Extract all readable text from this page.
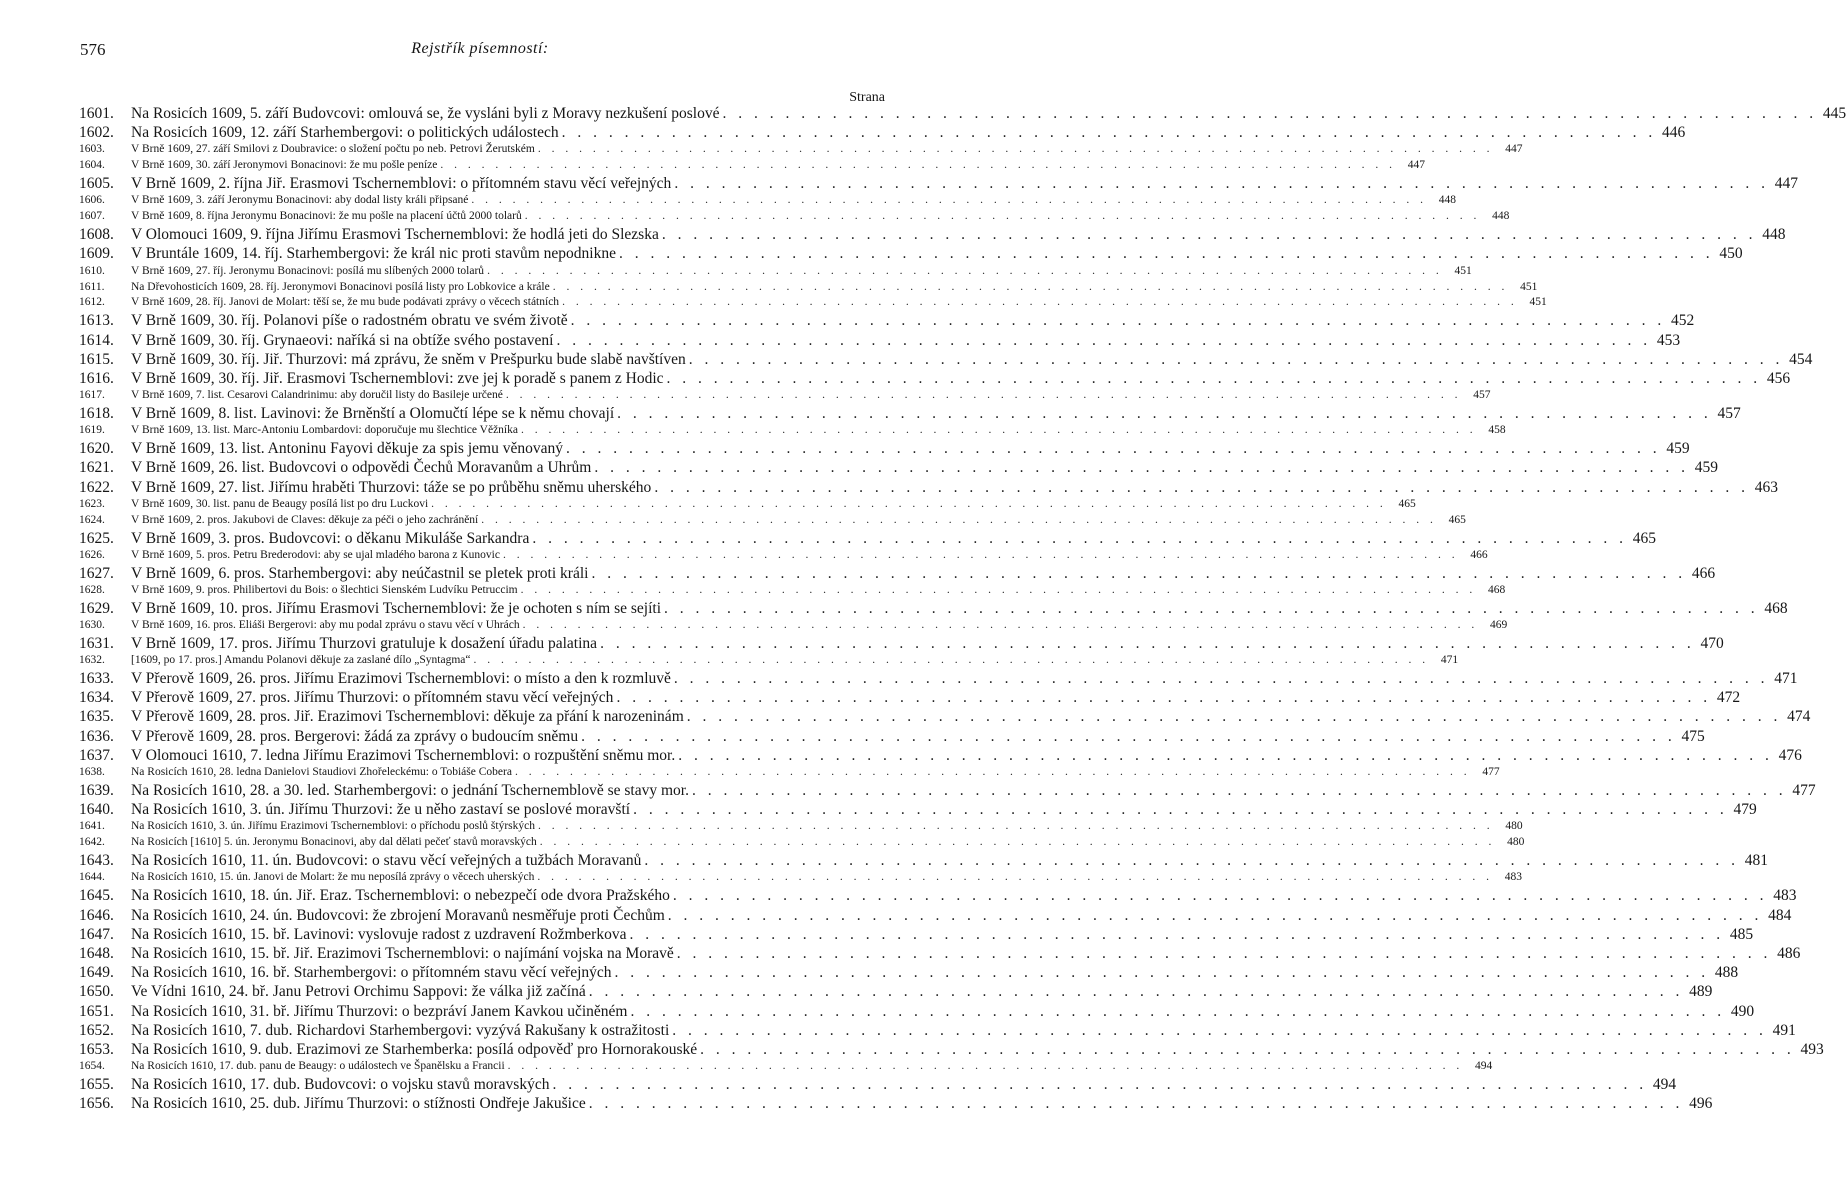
576	Rejstřík písemností:
Strana
1601.	Na Rosicích 1609, 5. září Budovcovi: omlouvá se, že vysláni byli z Moravy nezkušení poslové . . .	445
1602.	Na Rosicích 1609, 12. září Starhembergovi: o politických událostech . . .	446
1603.	V Brně 1609, 27. září Smilovi z Doubravice: o složení počtu po neb. Petrovi Žerutském . . .	447
1604.	V Brně 1609, 30. září Jeronymovi Bonacinovi: že mu pošle peníze . . .	447
1605.	V Brně 1609, 2. října Jiř. Erasmovi Tschernemblovi: o přítomném stavu věcí veřejných . . .	447
1606.	V Brně 1609, 3. září Jeronymu Bonacinovi: aby dodal listy králi připsané . . .	448
1607.	V Brně 1609, 8. října Jeronymu Bonacinovi: že mu pošle na placení účtů 2000 tolarů . . .	448
1608.	V Olomouci 1609, 9. října Jiřímu Erasmovi Tschernemblovi: že hodlá jeti do Slezska . . .	448
1609.	V Bruntále 1609, 14. říj. Starhembergovi: že král nic proti stavům nepodnikne . . .	450
1610.	V Brně 1609, 27. říj. Jeronymu Bonacinovi: posílá mu slíbených 2000 tolarů . . .	451
1611.	Na Dřevohosticích 1609, 28. říj. Jeronymovi Bonacinovi posílá listy pro Lobkovice a krále . . .	451
1612.	V Brně 1609, 28. říj. Janovi de Molart: těší se, že mu bude podávati zprávy o věcech státních . . .	451
1613.	V Brně 1609, 30. říj. Polanovi píše o radostném obratu ve svém životě . . .	452
1614.	V Brně 1609, 30. říj. Grynaeovi: naříká si na obtíže svého postavení . . .	453
1615.	V Brně 1609, 30. říj. Jiř. Thurzovi: má zprávu, že sněm v Prešpurku bude slabě navštíven . . .	454
1616.	V Brně 1609, 30. říj. Jiř. Erasmovi Tschernemblovi: zve jej k poradě s panem z Hodic . . .	456
1617.	V Brně 1609, 7. list. Cesarovi Calandrinimu: aby doručil listy do Basileje určené . . .	457
1618.	V Brně 1609, 8. list. Lavinovi: že Brněnští a Olomučtí lépe se k němu chovají . . .	457
1619.	V Brně 1609, 13. list. Marc-Antoniu Lombardovi: doporučuje mu šlechtice Věžníka . . .	458
1620.	V Brně 1609, 13. list. Antoninu Fayovi děkuje za spis jemu věnovaný . . .	459
1621.	V Brně 1609, 26. list. Budovcovi o odpovědi Čechů Moravanům a Uhrům . . .	459
1622.	V Brně 1609, 27. list. Jiřímu hraběti Thurzovi: táže se po průběhu sněmu uherského . . .	463
1623.	V Brně 1609, 30. list. panu de Beaugy posílá list po dru Luckovi . . .	465
1624.	V Brně 1609, 2. pros. Jakubovi de Claves: děkuje za péči o jeho zachránění . . .	465
1625.	V Brně 1609, 3. pros. Budovcovi: o děkanu Mikuláše Sarkandra . . .	465
1626.	V Brně 1609, 5. pros. Petru Brederodovi: aby se ujal mladého barona z Kunovic . . .	466
1627.	V Brně 1609, 6. pros. Starhembergovi: aby neúčastnil se pletek proti králi . . .	466
1628.	V Brně 1609, 9. pros. Philibertovi du Bois: o šlechtici Sienském Ludvíku Petruccim . . .	468
1629.	V Brně 1609, 10. pros. Jiřímu Erasmovi Tschernemblovi: že je ochoten s ním se sejíti . . .	468
1630.	V Brně 1609, 16. pros. Eliáši Bergerovi: aby mu podal zprávu o stavu věcí v Uhrách . . .	469
1631.	V Brně 1609, 17. pros. Jiřímu Thurzovi gratuluje k dosažení úřadu palatina . . .	470
1632.	[1609, po 17. pros.] Amandu Polanovi děkuje za zaslané dílo „Syntagma“ . . .	471
1633.	V Přerově 1609, 26. pros. Jiřímu Erazimovi Tschernemblovi: o místo a den k rozmluvě . . .	471
1634.	V Přerově 1609, 27. pros. Jiřímu Thurzovi: o přítomném stavu věcí veřejných . . .	472
1635.	V Přerově 1609, 28. pros. Jiř. Erazimovi Tschernemblovi: děkuje za přání k narozeninám . . .	474
1636.	V Přerově 1609, 28. pros. Bergerovi: žádá za zprávy o budoucím sněmu . . .	475
1637.	V Olomouci 1610, 7. ledna Jiřímu Erazimovi Tschernemblovi: o rozpuštění sněmu mor. . . .	476
1638.	Na Rosicích 1610, 28. ledna Danielovi Staudiovi Zhořeleckému: o Tobiáše Cobera . . .	477
1639.	Na Rosicích 1610, 28. a 30. led. Starhembergovi: o jednání Tschernemblově se stavy mor. . . .	477
1640.	Na Rosicích 1610, 3. ún. Jiřímu Thurzovi: že u něho zastaví se poslové moravští . . .	479
1641.	Na Rosicích 1610, 3. ún. Jiřímu Erazimovi Tschernemblovi: o příchodu poslů štýrských . . .	480
1642.	Na Rosicích [1610] 5. ún. Jeronymu Bonacinovi, aby dal dělati pečeť stavů moravských . . .	480
1643.	Na Rosicích 1610, 11. ún. Budovcovi: o stavu věcí veřejných a tužbách Moravanů . . .	481
1644.	Na Rosicích 1610, 15. ún. Janovi de Molart: že mu neposílá zprávy o věcech uherských . . .	483
1645.	Na Rosicích 1610, 18. ún. Jiř. Eraz. Tschernemblovi: o nebezpečí ode dvora Pražského . . .	483
1646.	Na Rosicích 1610, 24. ún. Budovcovi: že zbrojení Moravanů nesměřuje proti Čechům . . .	484
1647.	Na Rosicích 1610, 15. bř. Lavinovi: vyslovuje radost z uzdravení Rožmberkova . . .	485
1648.	Na Rosicích 1610, 15. bř. Jiř. Erazimovi Tschernemblovi: o najímání vojska na Moravě . . .	486
1649.	Na Rosicích 1610, 16. bř. Starhembergovi: o přítomném stavu věcí veřejných . . .	488
1650.	Ve Vídni 1610, 24. bř. Janu Petrovi Orchimu Sappovi: že válka již začíná . . .	489
1651.	Na Rosicích 1610, 31. bř. Jiřímu Thurzovi: o bezpráví Janem Kavkou učiněném . . .	490
1652.	Na Rosicích 1610, 7. dub. Richardovi Starhembergovi: vyzývá Rakušany k ostražitosti . . .	491
1653.	Na Rosicích 1610, 9. dub. Erazimovi ze Starhemberka: posílá odpověď pro Hornorakouské . . .	493
1654.	Na Rosicích 1610, 17. dub. panu de Beaugy: o událostech ve Španělsku a Francii . . .	494
1655.	Na Rosicích 1610, 17. dub. Budovcovi: o vojsku stavů moravských . . .	494
1656.	Na Rosicích 1610, 25. dub. Jiřímu Thurzovi: o stížnosti Ondřeje Jakušice . . .	496
